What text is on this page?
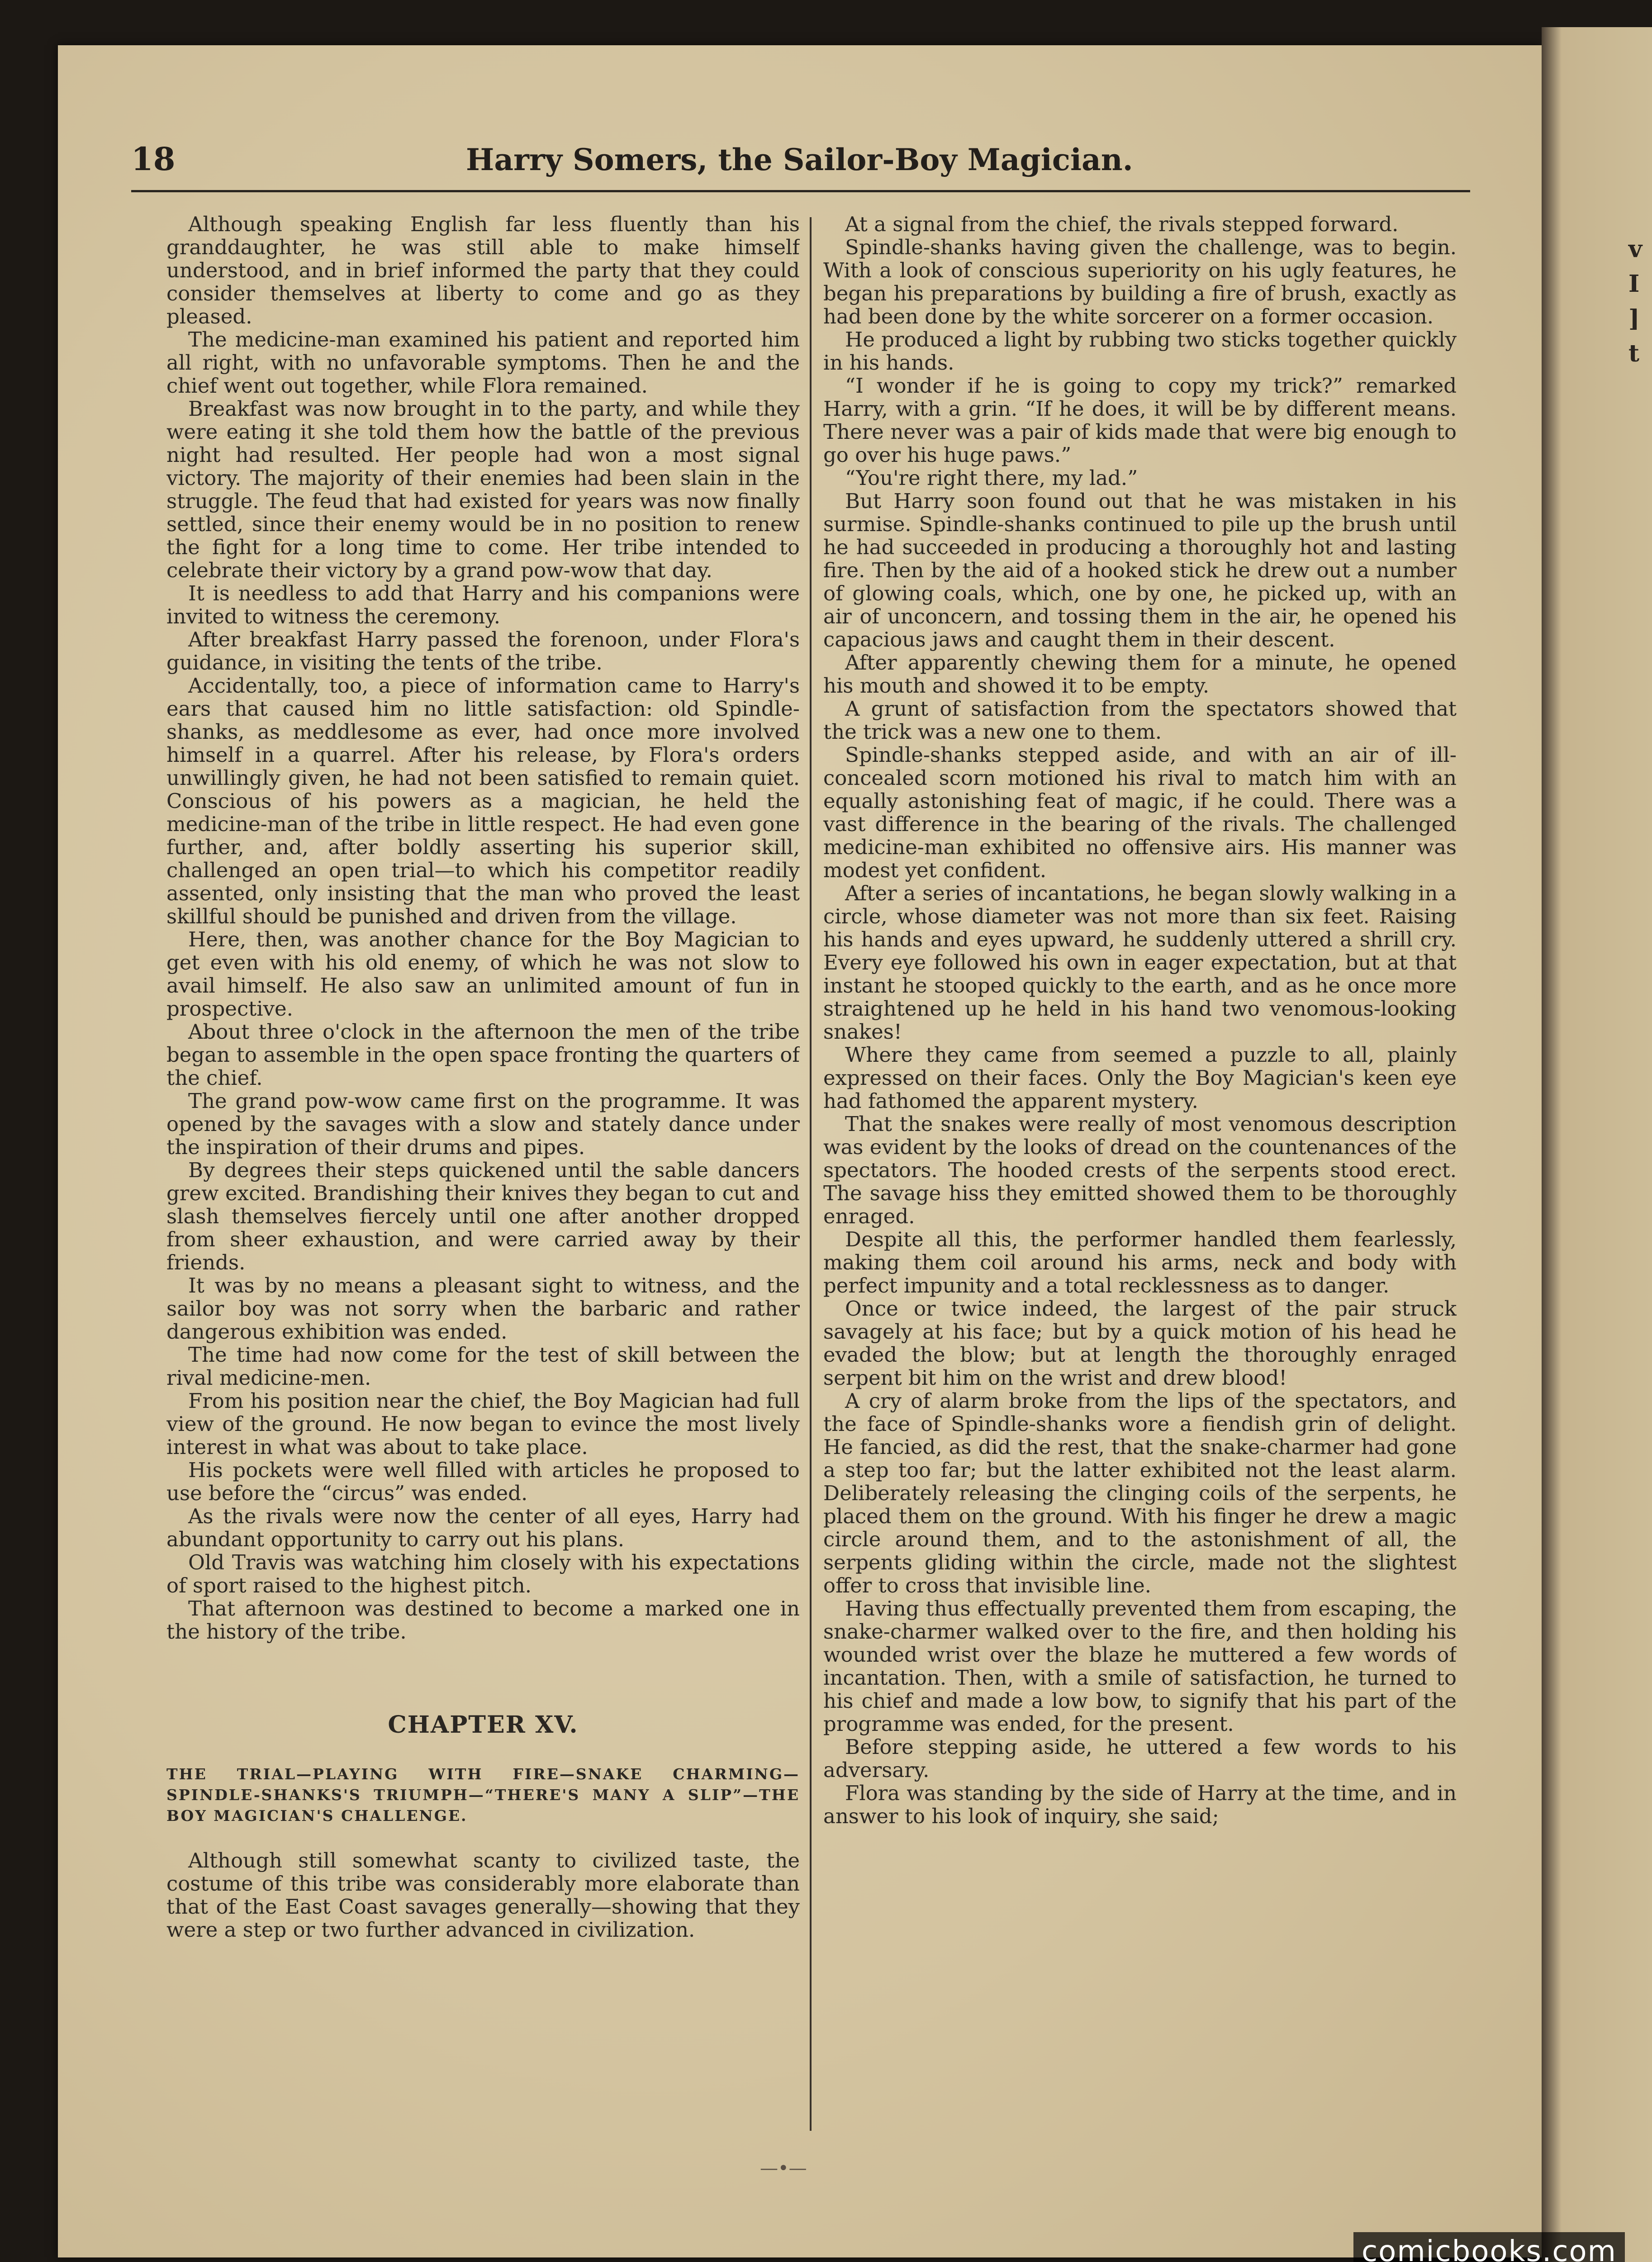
v
I
]
t
18	Harry Somers, the Sailor-Boy Magician.

Although speaking English far less fluently than his granddaughter, he was still able to make himself understood, and in brief informed the party that they could consider themselves at liberty to come and go as they pleased.

The medicine-man examined his patient and reported him all right, with no unfavorable symptoms. Then he and the chief went out together, while Flora remained.

Breakfast was now brought in to the party, and while they were eating it she told them how the battle of the previous night had resulted. Her people had won a most signal victory. The majority of their enemies had been slain in the struggle. The feud that had existed for years was now finally settled, since their enemy would be in no position to renew the fight for a long time to come. Her tribe intended to celebrate their victory by a grand pow-wow that day.

It is needless to add that Harry and his companions were invited to witness the ceremony.

After breakfast Harry passed the forenoon, under Flora's guidance, in visiting the tents of the tribe.

Accidentally, too, a piece of information came to Harry's ears that caused him no little satisfaction: old Spindle-shanks, as meddlesome as ever, had once more involved himself in a quarrel. After his release, by Flora's orders unwillingly given, he had not been satisfied to remain quiet. Conscious of his powers as a magician, he held the medicine-man of the tribe in little respect. He had even gone further, and, after boldly asserting his superior skill, challenged an open trial—to which his competitor readily assented, only insisting that the man who proved the least skillful should be punished and driven from the village.

Here, then, was another chance for the Boy Magician to get even with his old enemy, of which he was not slow to avail himself. He also saw an unlimited amount of fun in prospective.

About three o'clock in the afternoon the men of the tribe began to assemble in the open space fronting the quarters of the chief.

The grand pow-wow came first on the programme. It was opened by the savages with a slow and stately dance under the inspiration of their drums and pipes.

By degrees their steps quickened until the sable dancers grew excited. Brandishing their knives they began to cut and slash themselves fiercely until one after another dropped from sheer exhaustion, and were carried away by their friends.

It was by no means a pleasant sight to witness, and the sailor boy was not sorry when the barbaric and rather dangerous exhibition was ended.

The time had now come for the test of skill between the rival medicine-men.

From his position near the chief, the Boy Magician had full view of the ground. He now began to evince the most lively interest in what was about to take place.

His pockets were well filled with articles he proposed to use before the “circus” was ended.

As the rivals were now the center of all eyes, Harry had abundant opportunity to carry out his plans.

Old Travis was watching him closely with his expectations of sport raised to the highest pitch.

That afternoon was destined to become a marked one in the history of the tribe.

CHAPTER XV.
THE TRIAL—PLAYING WITH FIRE—SNAKE CHARMING—SPINDLE-SHANKS'S TRIUMPH—“THERE'S MANY A SLIP”—THE BOY MAGICIAN'S CHALLENGE.

Although still somewhat scanty to civilized taste, the costume of this tribe was considerably more elaborate than that of the East Coast savages generally—showing that they were a step or two further advanced in civilization.

At a signal from the chief, the rivals stepped forward.

Spindle-shanks having given the challenge, was to begin. With a look of conscious superiority on his ugly features, he began his preparations by building a fire of brush, exactly as had been done by the white sorcerer on a former occasion.

He produced a light by rubbing two sticks together quickly in his hands.

“I wonder if he is going to copy my trick?” remarked Harry, with a grin. “If he does, it will be by different means. There never was a pair of kids made that were big enough to go over his huge paws.”

“You're right there, my lad.”

But Harry soon found out that he was mistaken in his surmise. Spindle-shanks continued to pile up the brush until he had succeeded in producing a thoroughly hot and lasting fire. Then by the aid of a hooked stick he drew out a number of glowing coals, which, one by one, he picked up, with an air of unconcern, and tossing them in the air, he opened his capacious jaws and caught them in their descent.

After apparently chewing them for a minute, he opened his mouth and showed it to be empty.

A grunt of satisfaction from the spectators showed that the trick was a new one to them.

Spindle-shanks stepped aside, and with an air of ill-concealed scorn motioned his rival to match him with an equally astonishing feat of magic, if he could. There was a vast difference in the bearing of the rivals. The challenged medicine-man exhibited no offensive airs. His manner was modest yet confident.

After a series of incantations, he began slowly walking in a circle, whose diameter was not more than six feet. Raising his hands and eyes upward, he suddenly uttered a shrill cry. Every eye followed his own in eager expectation, but at that instant he stooped quickly to the earth, and as he once more straightened up he held in his hand two venomous-looking snakes!

Where they came from seemed a puzzle to all, plainly expressed on their faces. Only the Boy Magician's keen eye had fathomed the apparent mystery.

That the snakes were really of most venomous description was evident by the looks of dread on the countenances of the spectators. The hooded crests of the serpents stood erect. The savage hiss they emitted showed them to be thoroughly enraged.

Despite all this, the performer handled them fearlessly, making them coil around his arms, neck and body with perfect impunity and a total recklessness as to danger.

Once or twice indeed, the largest of the pair struck savagely at his face; but by a quick motion of his head he evaded the blow; but at length the thoroughly enraged serpent bit him on the wrist and drew blood!

A cry of alarm broke from the lips of the spectators, and the face of Spindle-shanks wore a fiendish grin of delight. He fancied, as did the rest, that the snake-charmer had gone a step too far; but the latter exhibited not the least alarm. Deliberately releasing the clinging coils of the serpents, he placed them on the ground. With his finger he drew a magic circle around them, and to the astonishment of all, the serpents gliding within the circle, made not the slightest offer to cross that invisible line.

Having thus effectually prevented them from escaping, the snake-charmer walked over to the fire, and then holding his wounded wrist over the blaze he muttered a few words of incantation. Then, with a smile of satisfaction, he turned to his chief and made a low bow, to signify that his part of the programme was ended, for the present.

Before stepping aside, he uttered a few words to his adversary.

Flora was standing by the side of Harry at the time, and in answer to his look of inquiry, she said;

—•—
comicbooks.com
